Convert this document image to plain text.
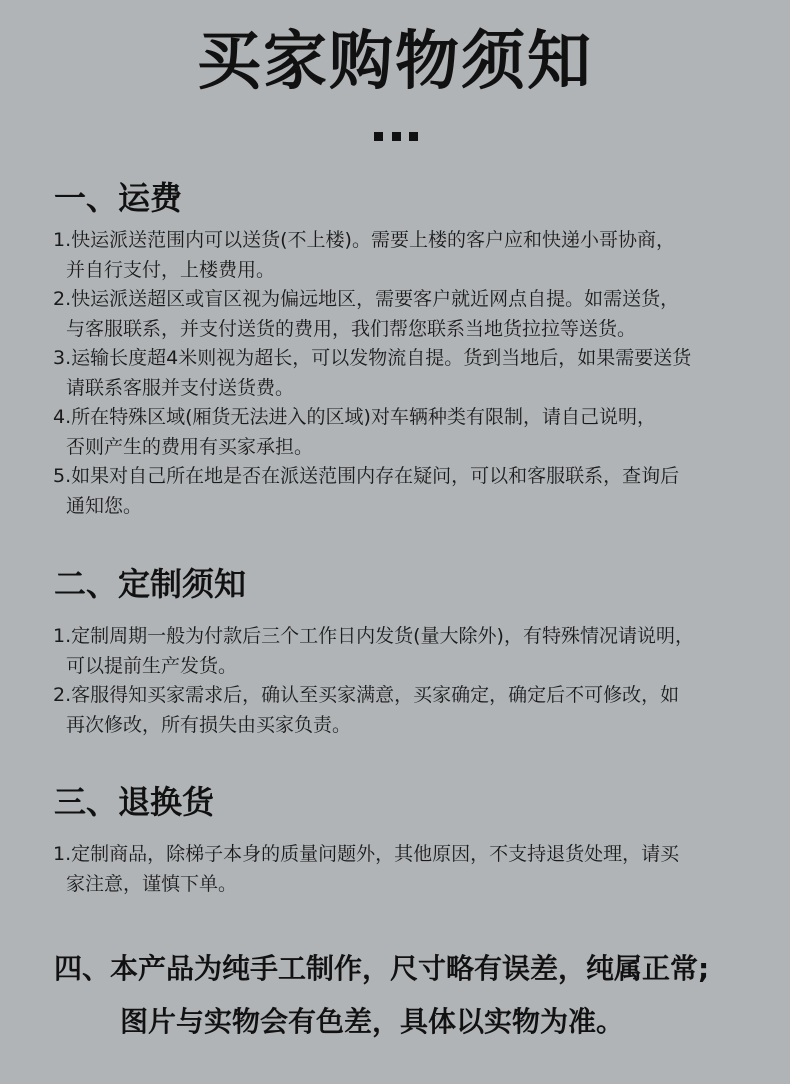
买家购物须知
一、运费
1.快运派送范围内可以送货(不上楼)。需要上楼的客户应和快递小哥协商，
并自行支付，上楼费用。
2.快运派送超区或盲区视为偏远地区，需要客户就近网点自提。如需送货，
与客服联系，并支付送货的费用，我们帮您联系当地货拉拉等送货。
3.运输长度超4米则视为超长，可以发物流自提。货到当地后，如果需要送货
请联系客服并支付送货费。
4.所在特殊区域(厢货无法进入的区域)对车辆种类有限制，请自己说明，
否则产生的费用有买家承担。
5.如果对自己所在地是否在派送范围内存在疑问，可以和客服联系，查询后
通知您。
二、定制须知
1.定制周期一般为付款后三个工作日内发货(量大除外)，有特殊情况请说明，
可以提前生产发货。
2.客服得知买家需求后，确认至买家满意，买家确定，确定后不可修改，如
再次修改，所有损失由买家负责。
三、退换货
1.定制商品，除梯子本身的质量问题外，其他原因，不支持退货处理，请买
家注意，谨慎下单。
四、本产品为纯手工制作，尺寸略有误差，纯属正常;
图片与实物会有色差，具体以实物为准。
